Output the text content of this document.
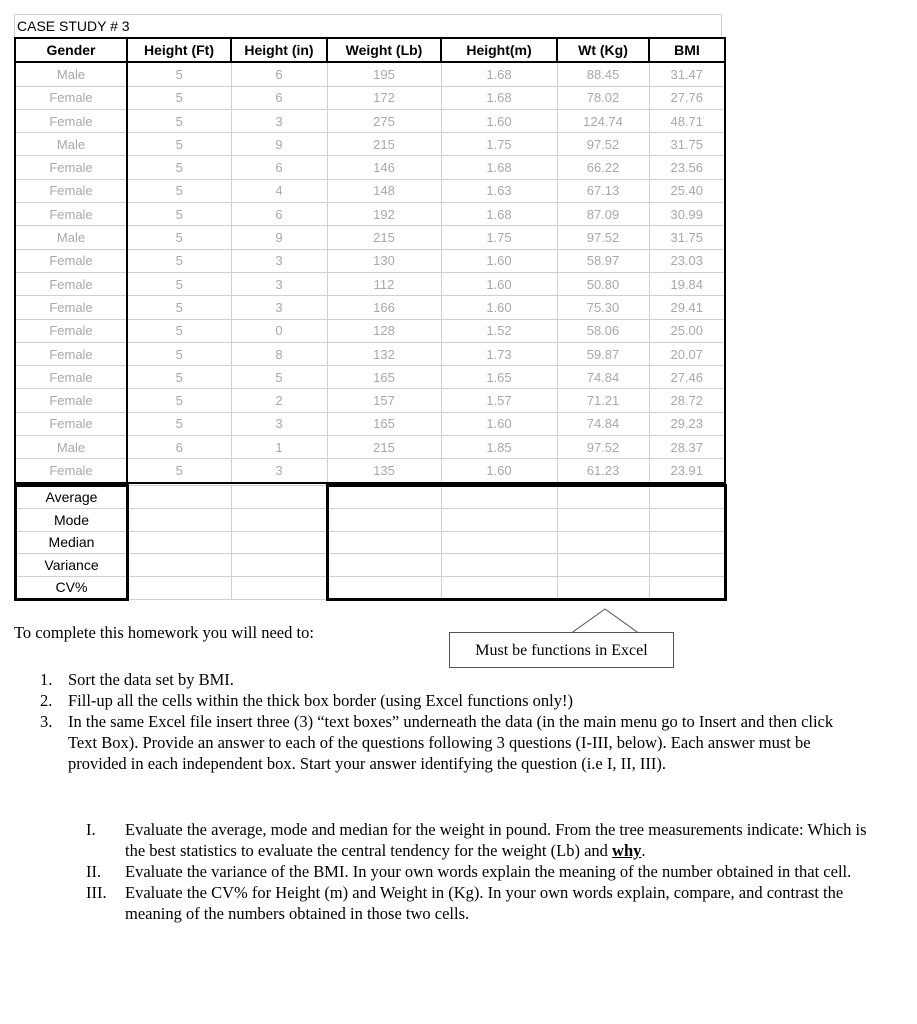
CASE STUDY # 3
Gender	Height (Ft)	Height (in)	Weight (Lb)	Height(m)	Wt (Kg)	BMI
Male	5	6	195	1.68	88.45	31.47
Female	5	6	172	1.68	78.02	27.76
Female	5	3	275	1.60	124.74	48.71
Male	5	9	215	1.75	97.52	31.75
Female	5	6	146	1.68	66.22	23.56
Female	5	4	148	1.63	67.13	25.40
Female	5	6	192	1.68	87.09	30.99
Male	5	9	215	1.75	97.52	31.75
Female	5	3	130	1.60	58.97	23.03
Female	5	3	112	1.60	50.80	19.84
Female	5	3	166	1.60	75.30	29.41
Female	5	0	128	1.52	58.06	25.00
Female	5	8	132	1.73	59.87	20.07
Female	5	5	165	1.65	74.84	27.46
Female	5	2	157	1.57	71.21	28.72
Female	5	3	165	1.60	74.84	29.23
Male	6	1	215	1.85	97.52	28.37
Female	5	3	135	1.60	61.23	23.91
Average						
Mode						
Median						
Variance						
CV%						
To complete this homework you will need to:
Must be functions in Excel
1. Sort the data set by BMI.
2. Fill-up all the cells within the thick box border (using Excel functions only!)
3. In the same Excel file insert three (3) “text boxes” underneath the data (in the main menu go to Insert and then click Text Box). Provide an answer to each of the questions following 3 questions (I-III, below). Each answer must be provided in each independent box. Start your answer identifying the question (i.e I, II, III).
I.	Evaluate the average, mode and median for the weight in pound. From the tree measurements indicate: Which is the best statistics to evaluate the central tendency for the weight (Lb) and why.
II.	Evaluate the variance of the BMI. In your own words explain the meaning of the number obtained in that cell.
III.	Evaluate the CV% for Height (m) and Weight in (Kg). In your own words explain, compare, and contrast the meaning of the numbers obtained in those two cells.
